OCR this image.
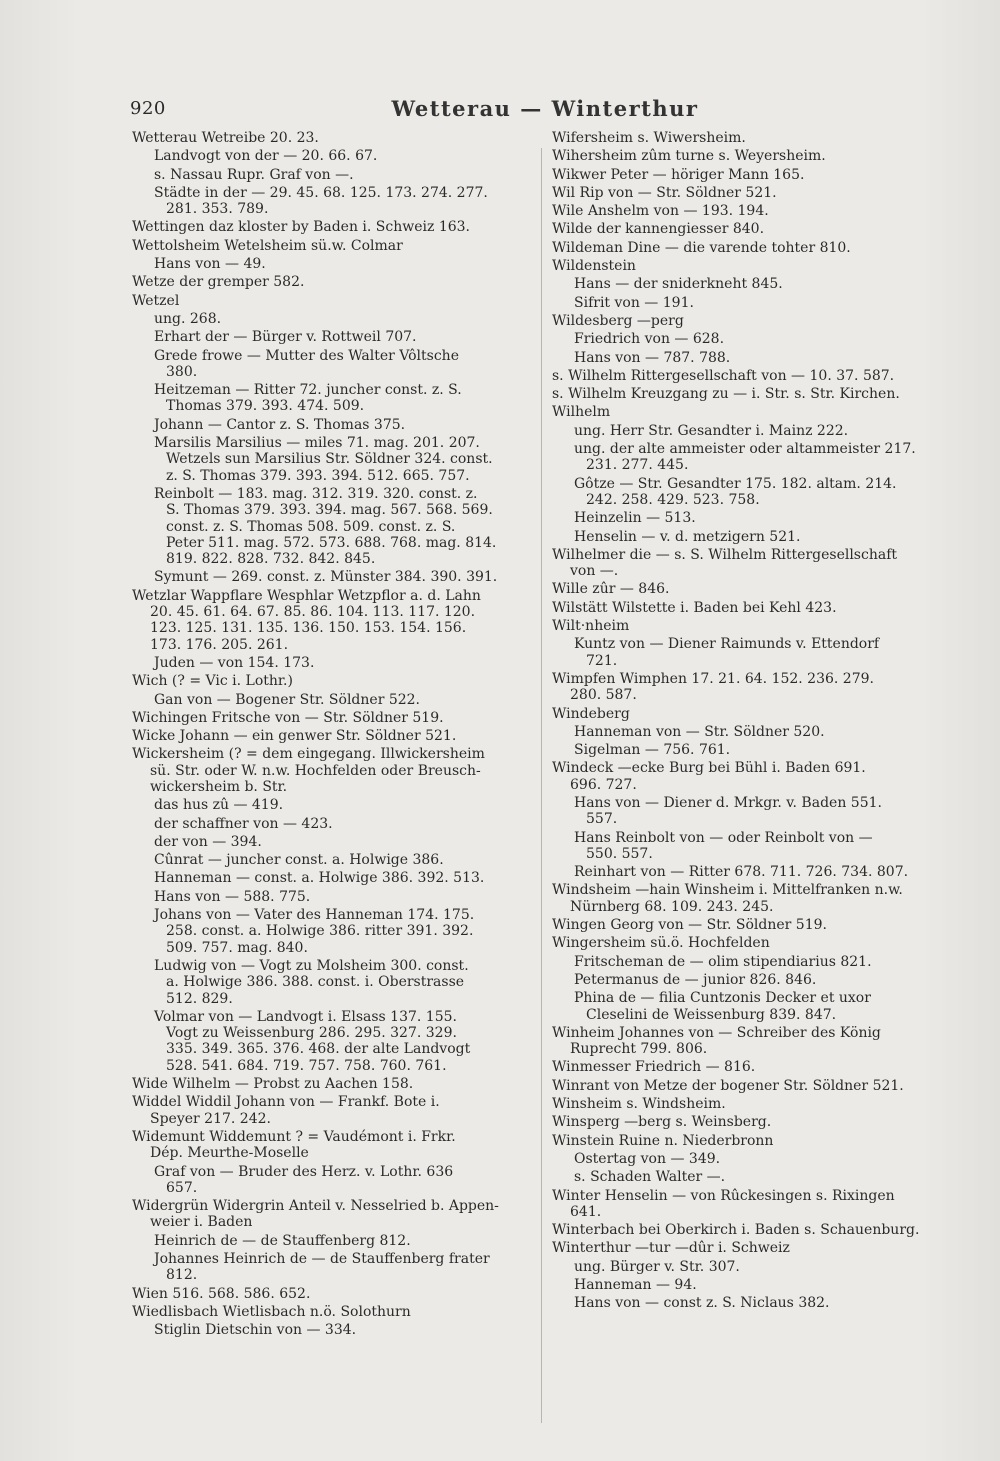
920	Wetterau — Winterthur
Wetterau Wetreibe 20. 23.
Landvogt von der — 20. 66. 67.
s. Nassau Rupr. Graf von —.
Städte in der — 29. 45. 68. 125. 173. 274. 277.
281. 353. 789.
Wettingen daz kloster by Baden i. Schweiz 163.
Wettolsheim Wetelsheim sü.w. Colmar
Hans von — 49.
Wetze der gremper 582.
Wetzel
ung. 268.
Erhart der — Bürger v. Rottweil 707.
Grede frowe — Mutter des Walter Vôltsche
380.
Heitzeman — Ritter 72. juncher const. z. S.
Thomas 379. 393. 474. 509.
Johann — Cantor z. S. Thomas 375.
Marsilis Marsilius — miles 71. mag. 201. 207.
Wetzels sun Marsilius Str. Söldner 324. const.
z. S. Thomas 379. 393. 394. 512. 665. 757.
Reinbolt — 183. mag. 312. 319. 320. const. z.
S. Thomas 379. 393. 394. mag. 567. 568. 569.
const. z. S. Thomas 508. 509. const. z. S.
Peter 511. mag. 572. 573. 688. 768. mag. 814.
819. 822. 828. 732. 842. 845.
Symunt — 269. const. z. Münster 384. 390. 391.
Wetzlar Wappflare Wesphlar Wetzpflor a. d. Lahn
20. 45. 61. 64. 67. 85. 86. 104. 113. 117. 120.
123. 125. 131. 135. 136. 150. 153. 154. 156.
173. 176. 205. 261.
Juden — von 154. 173.
Wich (? = Vic i. Lothr.)
Gan von — Bogener Str. Söldner 522.
Wichingen Fritsche von — Str. Söldner 519.
Wicke Johann — ein genwer Str. Söldner 521.
Wickersheim (? = dem eingegang. Illwickersheim
sü. Str. oder W. n.w. Hochfelden oder Breusch-
wickersheim b. Str.
das hus zû — 419.
der schaffner von — 423.
der von — 394.
Cûnrat — juncher const. a. Holwige 386.
Hanneman — const. a. Holwige 386. 392. 513.
Hans von — 588. 775.
Johans von — Vater des Hanneman 174. 175.
258. const. a. Holwige 386. ritter 391. 392.
509. 757. mag. 840.
Ludwig von — Vogt zu Molsheim 300. const.
a. Holwige 386. 388. const. i. Oberstrasse
512. 829.
Volmar von — Landvogt i. Elsass 137. 155.
Vogt zu Weissenburg 286. 295. 327. 329.
335. 349. 365. 376. 468. der alte Landvogt
528. 541. 684. 719. 757. 758. 760. 761.
Wide Wilhelm — Probst zu Aachen 158.
Widdel Widdil Johann von — Frankf. Bote i.
Speyer 217. 242.
Widemunt Widdemunt ? = Vaudémont i. Frkr.
Dép. Meurthe-Moselle
Graf von — Bruder des Herz. v. Lothr. 636
657.
Widergrün Widergrin Anteil v. Nesselried b. Appen-
weier i. Baden
Heinrich de — de Stauffenberg 812.
Johannes Heinrich de — de Stauffenberg frater
812.
Wien 516. 568. 586. 652.
Wiedlisbach Wietlisbach n.ö. Solothurn
Stiglin Dietschin von — 334.
Wifersheim s. Wiwersheim.
Wihersheim zûm turne s. Weyersheim.
Wikwer Peter — höriger Mann 165.
Wil Rip von — Str. Söldner 521.
Wile Anshelm von — 193. 194.
Wilde der kannengiesser 840.
Wildeman Dine — die varende tohter 810.
Wildenstein
Hans — der sniderkneht 845.
Sifrit von — 191.
Wildesberg —perg
Friedrich von — 628.
Hans von — 787. 788.
s. Wilhelm Rittergesellschaft von — 10. 37. 587.
s. Wilhelm Kreuzgang zu — i. Str. s. Str. Kirchen.
Wilhelm
ung. Herr Str. Gesandter i. Mainz 222.
ung. der alte ammeister oder altammeister 217.
231. 277. 445.
Gôtze — Str. Gesandter 175. 182. altam. 214.
242. 258. 429. 523. 758.
Heinzelin — 513.
Henselin — v. d. metzigern 521.
Wilhelmer die — s. S. Wilhelm Rittergesellschaft
von —.
Wille zûr — 846.
Wilstätt Wilstette i. Baden bei Kehl 423.
Wilt·nheim
Kuntz von — Diener Raimunds v. Ettendorf
721.
Wimpfen Wimphen 17. 21. 64. 152. 236. 279.
280. 587.
Windeberg
Hanneman von — Str. Söldner 520.
Sigelman — 756. 761.
Windeck —ecke Burg bei Bühl i. Baden 691.
696. 727.
Hans von — Diener d. Mrkgr. v. Baden 551.
557.
Hans Reinbolt von — oder Reinbolt von —
550. 557.
Reinhart von — Ritter 678. 711. 726. 734. 807.
Windsheim —hain Winsheim i. Mittelfranken n.w.
Nürnberg 68. 109. 243. 245.
Wingen Georg von — Str. Söldner 519.
Wingersheim sü.ö. Hochfelden
Fritscheman de — olim stipendiarius 821.
Petermanus de — junior 826. 846.
Phina de — filia Cuntzonis Decker et uxor
Cleselini de Weissenburg 839. 847.
Winheim Johannes von — Schreiber des König
Ruprecht 799. 806.
Winmesser Friedrich — 816.
Winrant von Metze der bogener Str. Söldner 521.
Winsheim s. Windsheim.
Winsperg —berg s. Weinsberg.
Winstein Ruine n. Niederbronn
Ostertag von — 349.
s. Schaden Walter —.
Winter Henselin — von Rûckesingen s. Rixingen
641.
Winterbach bei Oberkirch i. Baden s. Schauenburg.
Winterthur —tur —dûr i. Schweiz
ung. Bürger v. Str. 307.
Hanneman — 94.
Hans von — const z. S. Niclaus 382.
